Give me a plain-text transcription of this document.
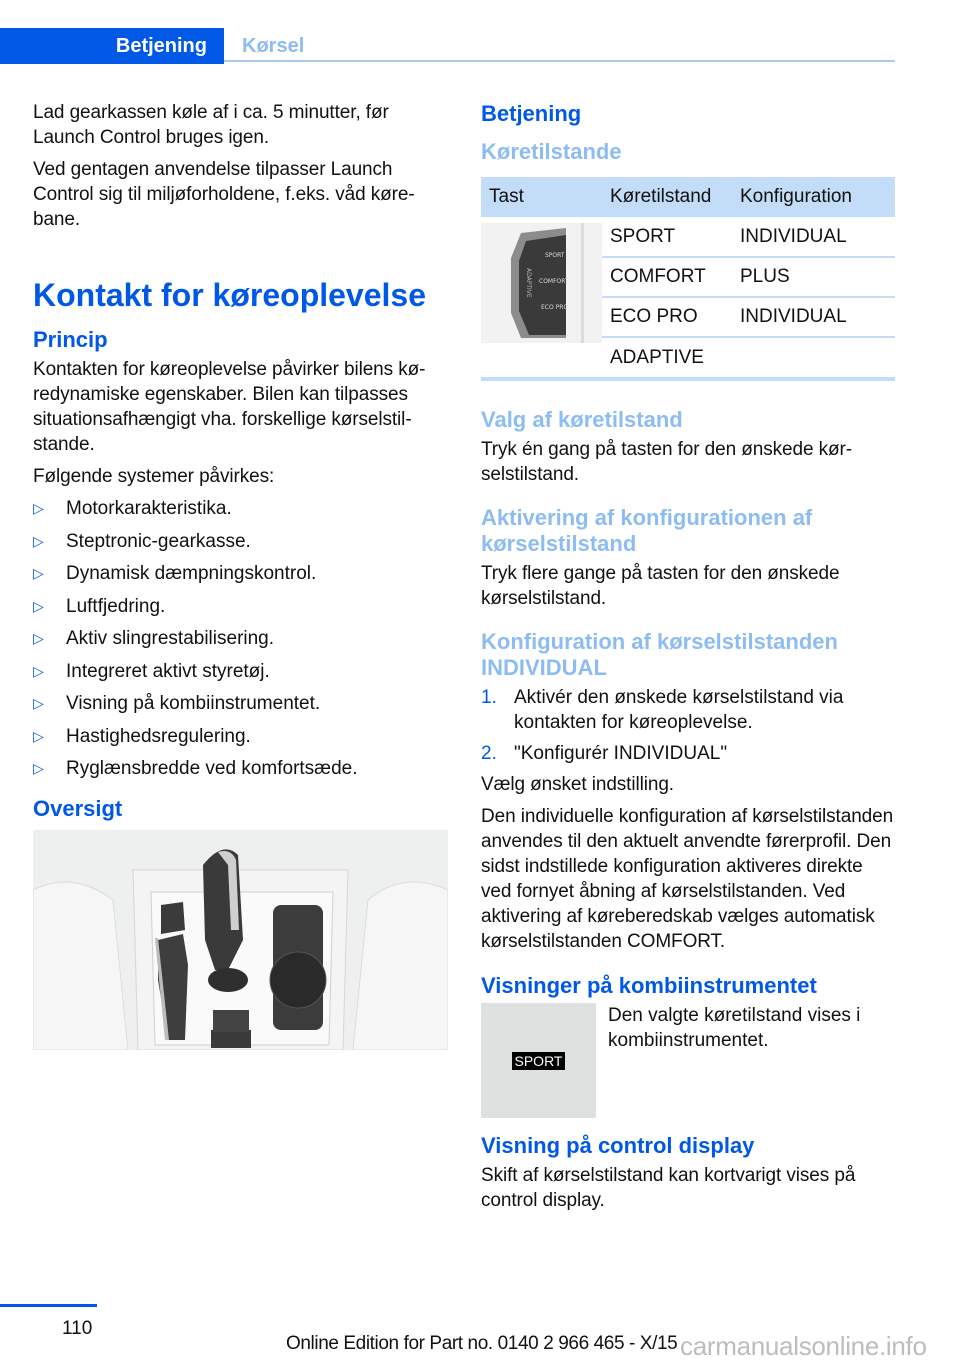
Betjening	Kørsel

Lad gearkassen køle af i ca. 5 minutter, før Launch Control bruges igen.

Ved gentagen anvendelse tilpasser Launch Control sig til miljøforholdene, f.eks. våd kørebane.

Kontakt for køreoplevelse
Princip

Kontakten for køreoplevelse påvirker bilens køredynamiske egenskaber. Bilen kan tilpasses situationsafhængigt vha. forskellige kørselstilstande.

Følgende systemer påvirkes:

▷ Motorkarakteristika.
▷ Steptronic-gearkasse.
▷ Dynamisk dæmpningskontrol.
▷ Luftfjedring.
▷ Aktiv slingrestabilisering.
▷ Integreret aktivt styretøj.
▷ Visning på kombiinstrumentet.
▷ Hastighedsregulering.
▷ Ryglænsbredde ved komfortsæde.
Oversigt
Betjening
Køretilstande
Tast	Køretilstand	Konfiguration

SPORT
COMFORT
ECO PRO
ADAPTIVE	SPORT	INDIVIDUAL
	COMFORT	PLUS
	ECO PRO	INDIVIDUAL
	ADAPTIVE	
Valg af køretilstand

Tryk én gang på tasten for den ønskede kørselstilstand.

Aktivering af konfigurationen af kørselstilstand

Tryk flere gange på tasten for den ønskede kørselstilstand.

Konfiguration af kørselstilstanden INDIVIDUAL
1. Aktivér den ønskede kørselstilstand via kontakten for køreoplevelse.
2. "Konfigurér INDIVIDUAL"

Vælg ønsket indstilling.

Den individuelle konfiguration af kørselstilstanden anvendes til den aktuelt anvendte førerprofil. Den sidst indstillede konfiguration aktiveres direkte ved fornyet åbning af kørselstilstanden. Ved aktivering af køreberedskab vælges automatisk kørselstilstanden COMFORT.

Visninger på kombiinstrumentet
SPORT
Den valgte køretilstand vises i kombiinstrumentet.
Visning på control display

Skift af kørselstilstand kan kortvarigt vises på control display.

110
Online Edition for Part no. 0140 2 966 465 - X/15 carmanualsonline.info
